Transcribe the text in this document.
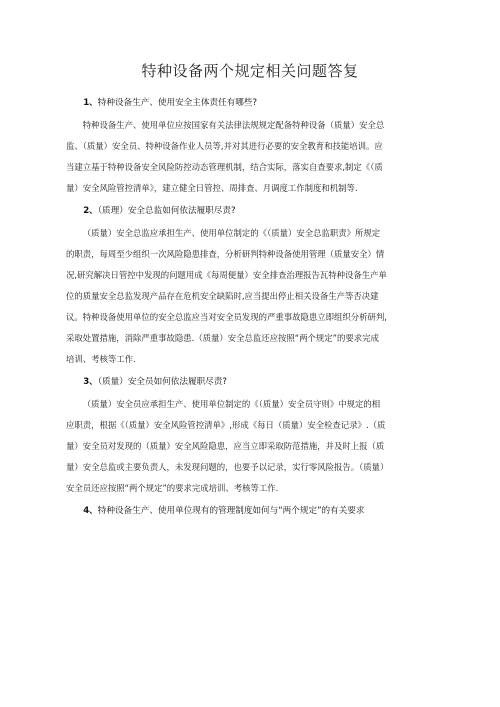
特种设备两个规定相关问题答复
1、特种设备生产、使用安全主体责任有哪些?
特种设备生产、使用单位应按国家有关法律法规规定配备特种设备（质量）安全总
监、（质量）安全员、特种设备作业人员等,并对其进行必要的安全教育和技能培训。应
当建立基于特种设备安全风险防控动态管理机制，结合实际，落实自查要求,制定《（质
量）安全风险管控清单》，建立健全日管控、周排查、月调度工作制度和机制等.
2、（质理）安全总监如何依法履职尽责?
（质量）安全总监应承担生产、使用单位制定的《（质量）安全总监职责》所规定
的职责，每周至少组织一次风险隐患排查，分析研判特种设备使用管理（质量安全）情
况,研究解决日管控中发现的问题用成《每周便量）安全排查治理报告瓦特种设备生产单
位的质量安全总监发现产品存在危机安全缺陷时,应当提出停止相关设备生产等否决建
议。特种设备使用单位的安全总监应当对安全员发现的严重事故隐患立即组织分析研判,
采取处置措施，消除严重事故隐患.（质量）安全总监还应按照“两个规定”的要求完成
培训、考核等工作.
3、（质量）安全员如何依法履职尽责?
（质量）安全员应承担生产、使用单位制定的《（质量）安全员守则》中规定的相
应职责，根据《（质量）安全风险管控清单》,形成《每日（质量）安全检查记录》.（质
量）安全员对发现的（质量）安全风险隐患，应当立即采取防范措施，并及时上报（质
量）安全总监或主要负责人，未发现问题的，也要予以记录，实行零风险报告。（质量）
安全员还应按照“两个规定”的要求完成培训、考核等工作.
4、特种设备生产、使用单位现有的管理制度如何与“两个规定”的有关要求
